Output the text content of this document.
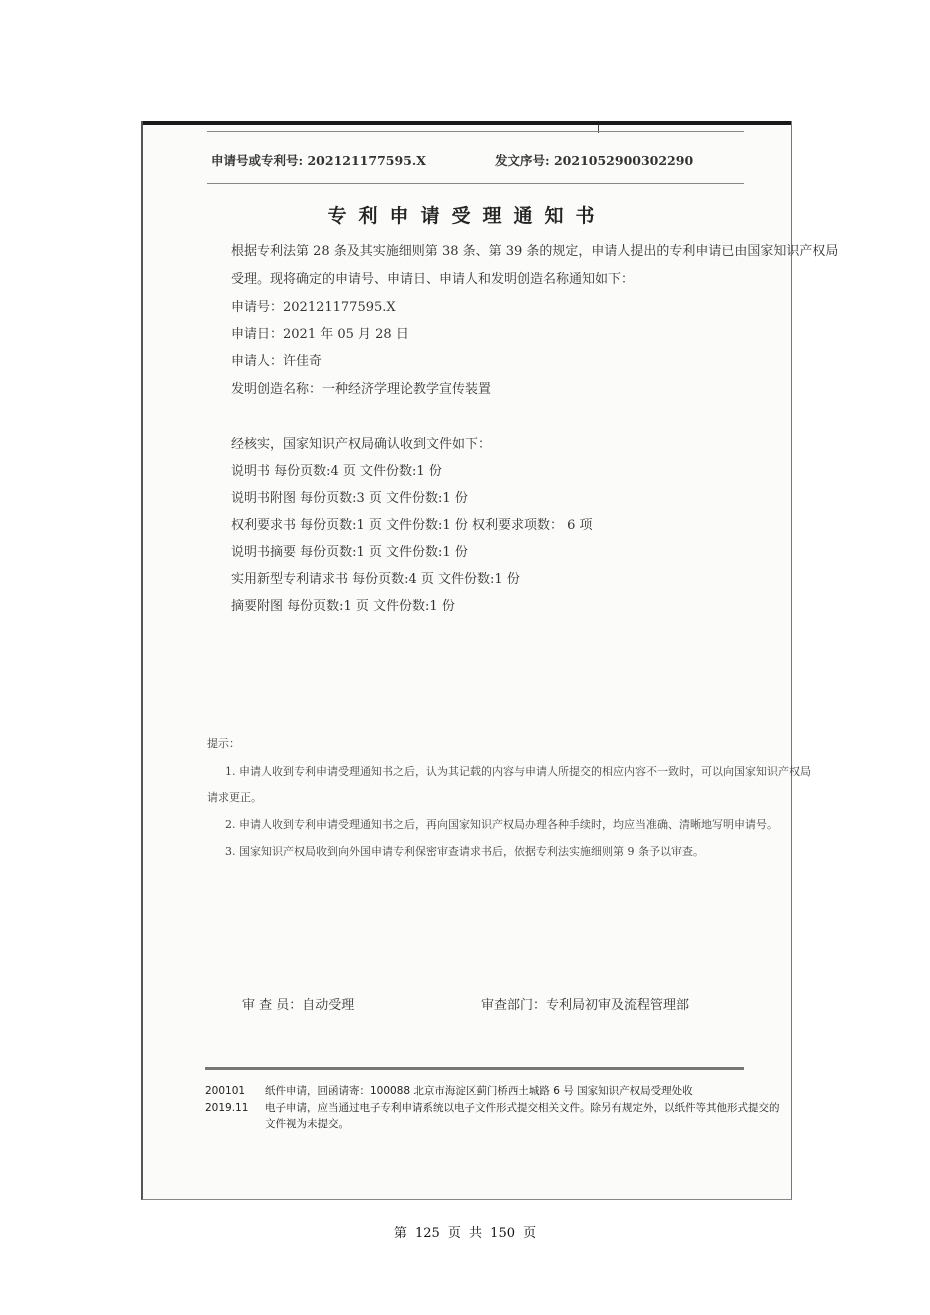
申请号或专利号: 202121177595.X	发文序号: 2021052900302290
专利申请受理通知书
根据专利法第 28 条及其实施细则第 38 条、第 39 条的规定，申请人提出的专利申请已由国家知识产权局
受理。现将确定的申请号、申请日、申请人和发明创造名称通知如下：
申请号：202121177595.X
申请日：2021 年 05 月 28 日
申请人：许佳奇
发明创造名称：一种经济学理论教学宣传装置
经核实，国家知识产权局确认收到文件如下：
说明书 每份页数:4 页 文件份数:1 份
说明书附图 每份页数:3 页 文件份数:1 份
权利要求书 每份页数:1 页 文件份数:1 份 权利要求项数： 6 项
说明书摘要 每份页数:1 页 文件份数:1 份
实用新型专利请求书 每份页数:4 页 文件份数:1 份
摘要附图 每份页数:1 页 文件份数:1 份
提示：
1. 申请人收到专利申请受理通知书之后，认为其记载的内容与申请人所提交的相应内容不一致时，可以向国家知识产权局
请求更正。
2. 申请人收到专利申请受理通知书之后，再向国家知识产权局办理各种手续时，均应当准确、清晰地写明申请号。
3. 国家知识产权局收到向外国申请专利保密审查请求书后，依据专利法实施细则第 9 条予以审查。
审 查 员：自动受理	审查部门：专利局初审及流程管理部
200101
2019.11
纸件申请，回函请寄：100088 北京市海淀区蓟门桥西土城路 6 号 国家知识产权局受理处收
电子申请，应当通过电子专利申请系统以电子文件形式提交相关文件。除另有规定外，以纸件等其他形式提交的
文件视为未提交。
第 125 页 共 150 页
